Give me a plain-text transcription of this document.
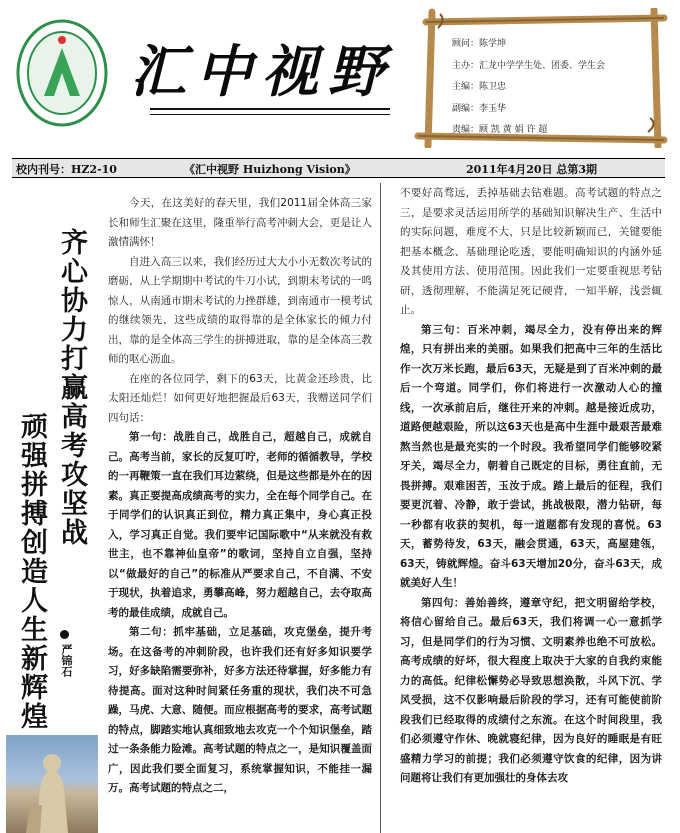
汇中视野	顾问：陈学坤
主办：汇龙中学学生处、团委、学生会
主编：陈卫忠
副编：李玉华
责编：顾 凯 黄 娟 许 超
校内刊号：HZ2-10	《汇中视野 Huizhong Vision》	2011年4月20日 总第3期
齐心协力打赢高考攻坚战
顽强拼搏创造人生新辉煌	严锦石

今天，在这美好的春天里，我们2011届全体高三家长和师生汇聚在这里，隆重举行高考冲刺大会，更是让人激情满怀！

自进入高三以来，我们经历过大大小小无数次考试的磨砺，从上学期期中考试的牛刀小试，到期末考试的一鸣惊人，从南通市期末考试的力挫群雄，到南通市一模考试的继续领先，这些成绩的取得靠的是全体家长的倾力付出，靠的是全体高三学生的拼搏进取，靠的是全体高三教师的呕心沥血。

在座的各位同学，剩下的63天，比黄金还珍贵，比太阳还灿烂！如何更好地把握最后63天，我赠送同学们四句话：

第一句：战胜自己，战胜自己，超越自己，成就自己。高考当前，家长的反复叮咛，老师的循循教导，学校的一再鞭策一直在我们耳边萦绕，但是这些都是外在的因素。真正要提高成绩高考的实力，全在每个同学自己。在于同学们的认识真正到位，精力真正集中，身心真正投入，学习真正自觉。我们要牢记国际歌中“从来就没有救世主，也不靠神仙皇帝”的歌词，坚持自立自强，坚持以“做最好的自己”的标准从严要求自己，不自满、不安于现状，执着追求，勇攀高峰，努力超越自己，去夺取高考的最佳成绩，成就自己。

第二句：抓牢基础，立足基础，攻克堡垒，提升考场。在这备考的冲刺阶段，也许我们还有好多知识要学习，好多缺陷需要弥补，好多方法还待掌握，好多能力有待提高。面对这种时间紧任务重的现状，我们决不可急躁，马虎、大意、随便。而应根据高考的要求，高考试题的特点，脚踏实地认真细致地去攻克一个个知识堡垒，踏过一条条能力险滩。高考试题的特点之一，是知识覆盖面广，因此我们要全面复习，系统掌握知识，不能挂一漏万。高考试题的特点之二，

不要好高骛远，丢掉基础去钻难题。高考试题的特点之三，是要求灵活运用所学的基础知识解决生产、生活中的实际问题，难度不大，只是比较新颖而已，关键要能把基本概念、基础理论吃透，要能明确知识的内涵外延及其使用方法、使用范围。因此我们一定要重视思考钻研，透彻理解，不能满足死记硬背，一知半解，浅尝辄止。

第三句：百米冲刺，竭尽全力，没有停出来的辉煌，只有拼出来的美丽。如果我们把高中三年的生活比作一次万米长跑，最后63天，无疑是到了百米冲刺的最后一个弯道。同学们，你们将进行一次激动人心的撞线，一次承前启后，继往开来的冲刺。越是接近成功，道路便越艰险，所以这63天也是高中生涯中最艰苦最难熬当然也是最充实的一个时段。我希望同学们能够咬紧牙关，竭尽全力，朝着自己既定的目标，勇往直前，无畏拼搏。艰难困苦，玉汝于成。踏上最后的征程，我们要更沉着、冷静，敢于尝试，挑战极限，潜力钻研，每一秒都有收获的契机，每一道题都有发现的喜悦。63天，蓄势待发，63天，融会贯通，63天，高屋建瓴，63天，铸就辉煌。奋斗63天增加20分，奋斗63天，成就美好人生！

第四句：善始善终，遵章守纪，把文明留给学校，将信心留给自己。最后63天，我们将调一心一意抓学习，但是同学们的行为习惯、文明素养也绝不可放松。高考成绩的好坏，很大程度上取决于大家的自我约束能力的高低。纪律松懈势必导致思想涣散，斗风下沉、学风受损，这不仅影响最后阶段的学习，还有可能使前阶段我们已经取得的成绩付之东流。在这个时间段里，我们必须遵守作休、晚就寝纪律，因为良好的睡眠是有旺盛精力学习的前提；我们必须遵守饮食的纪律，因为讲问题将让我们有更加强壮的身体去攻
